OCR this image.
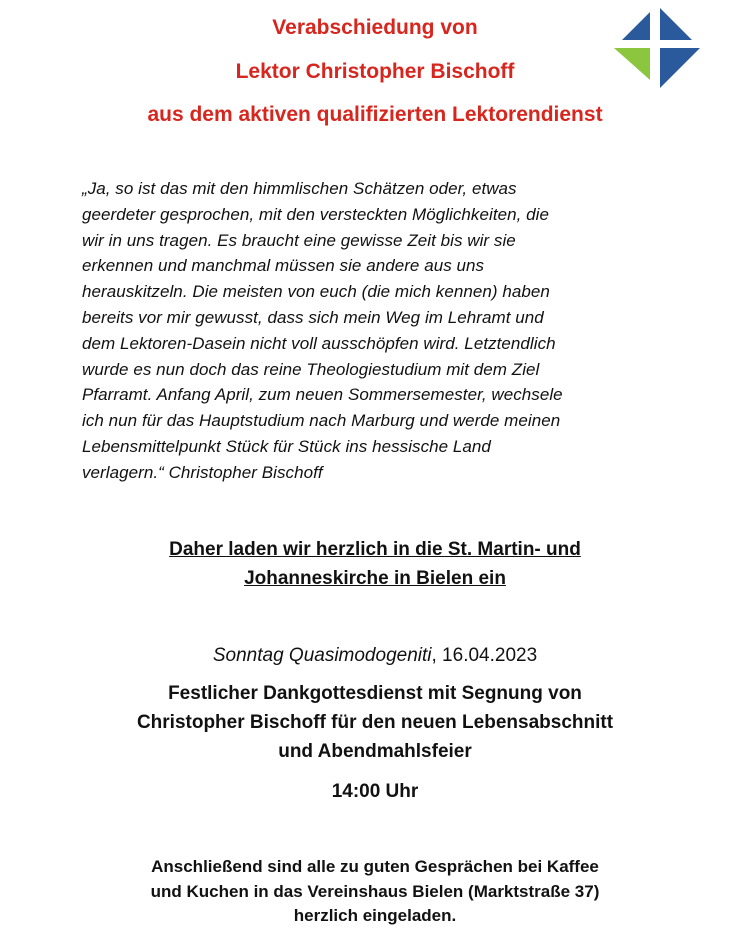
Verabschiedung von

Lektor Christopher Bischoff

aus dem aktiven qualifizierten Lektorendienst

„Ja, so ist das mit den himmlischen Schätzen oder, etwas
geerdeter gesprochen, mit den versteckten Möglichkeiten, die
wir in uns tragen. Es braucht eine gewisse Zeit bis wir sie
erkennen und manchmal müssen sie andere aus uns
herauskitzeln. Die meisten von euch (die mich kennen) haben
bereits vor mir gewusst, dass sich mein Weg im Lehramt und
dem Lektoren-Dasein nicht voll ausschöpfen wird. Letztendlich
wurde es nun doch das reine Theologiestudium mit dem Ziel
Pfarramt. Anfang April, zum neuen Sommersemester, wechsele
ich nun für das Hauptstudium nach Marburg und werde meinen
Lebensmittelpunkt Stück für Stück ins hessische Land
verlagern.“ Christopher Bischoff

Daher laden wir herzlich in die St. Martin- und

Johanneskirche in Bielen ein

Sonntag Quasimodogeniti, 16.04.2023

Festlicher Dankgottesdienst mit Segnung von

Christopher Bischoff für den neuen Lebensabschnitt

und Abendmahlsfeier

14:00 Uhr

Anschließend sind alle zu guten Gesprächen bei Kaffee

und Kuchen in das Vereinshaus Bielen (Marktstraße 37)

herzlich eingeladen.
